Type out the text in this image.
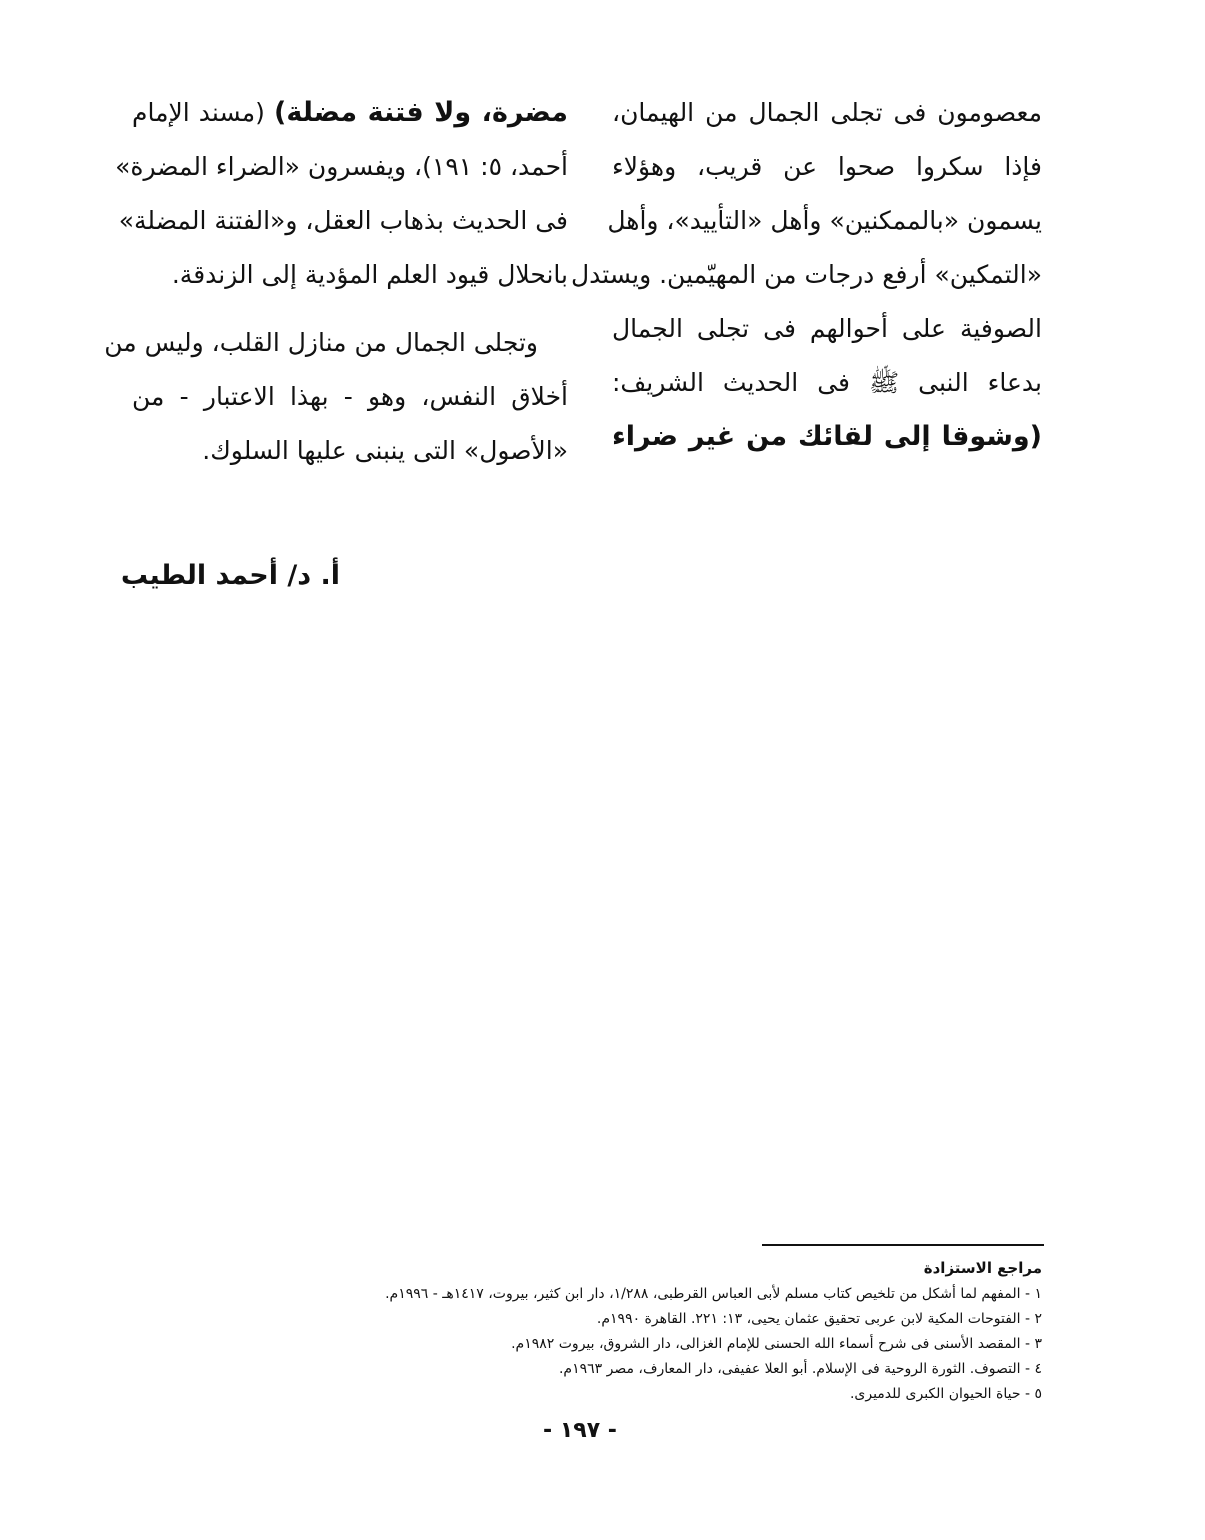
معصومون فى تجلى الجمال من الهيمان،
فإذا سكروا صحوا عن قريب، وهؤلاء
يسمون «بالممكنين» وأهل «التأييد»، وأهل
«التمكين» أرفع درجات من المهيّمين. ويستدل
الصوفية على أحوالهم فى تجلى الجمال
بدعاء النبى ﷺ فى الحديث الشريف:
(وشوقا إلى لقائك من غير ضراء
مضرة، ولا فتنة مضلة) (مسند الإمام
أحمد، ٥: ١٩١)، ويفسرون «الضراء المضرة»
فى الحديث بذهاب العقل، و«الفتنة المضلة»
بانحلال قيود العلم المؤدية إلى الزندقة.
وتجلى الجمال من منازل القلب، وليس من
أخلاق النفس، وهو - بهذا الاعتبار - من
«الأصول» التى ينبنى عليها السلوك.
أ. د/ أحمد الطيب
مراجع الاستزادة
١ - المفهم لما أشكل من تلخيص كتاب مسلم لأبى العباس القرطبى، ١/٢٨٨، دار ابن كثير، بيروت، ١٤١٧هـ - ١٩٩٦م.
٢ - الفتوحات المكية لابن عربى تحقيق عثمان يحيى، ١٣: ٢٢١. القاهرة ١٩٩٠م.
٣ - المقصد الأسنى فى شرح أسماء الله الحسنى للإمام الغزالى، دار الشروق، بيروت ١٩٨٢م.
٤ - التصوف. الثورة الروحية فى الإسلام. أبو العلا عفيفى، دار المعارف، مصر ١٩٦٣م.
٥ - حياة الحيوان الكبرى للدميرى.
- ١٩٧ -
